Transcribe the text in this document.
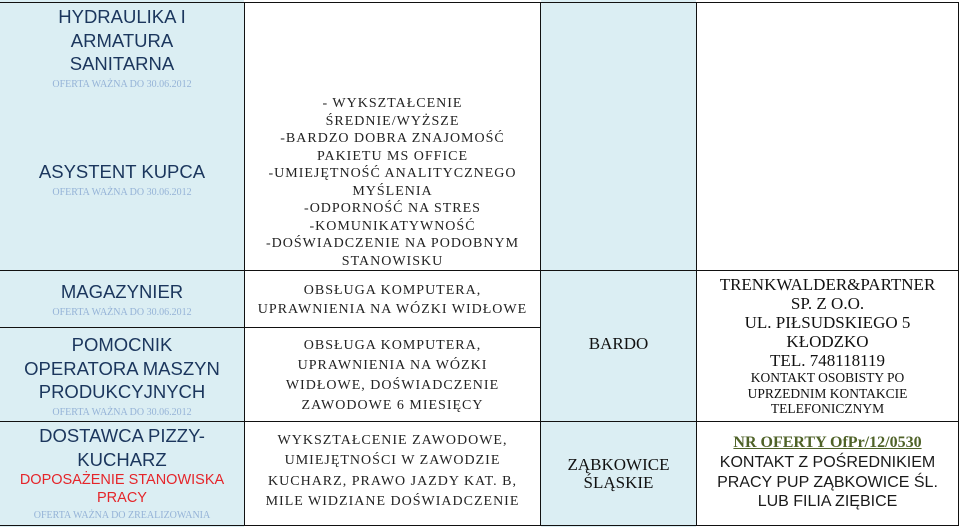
HYDRAULIKA I
ARMATURA
SANITARNA
OFERTA WAŻNA DO 30.06.2012
ASYSTENT KUPCA
OFERTA WAŻNA DO 30.06.2012
MAGAZYNIER
OFERTA WAŻNA DO 30.06.2012
POMOCNIK
OPERATORA MASZYN
PRODUKCYJNYCH
OFERTA WAŻNA DO 30.06.2012
DOSTAWCA PIZZY-
KUCHARZ
DOPOSAŻENIE STANOWISKA
PRACY
OFERTA WAŻNA DO ZREALIZOWANIA
- WYKSZTAŁCENIE
ŚREDNIE/WYŻSZE
-BARDZO DOBRA ZNAJOMOŚĆ
PAKIETU MS OFFICE
-UMIEJĘTNOŚĆ ANALITYCZNEGO
MYŚLENIA
-ODPORNOŚĆ NA STRES
-KOMUNIKATYWNOŚĆ
-DOŚWIADCZENIE NA PODOBNYM
STANOWISKU
OBSŁUGA KOMPUTERA,
UPRAWNIENIA NA WÓZKI WIDŁOWE
OBSŁUGA KOMPUTERA,
UPRAWNIENIA NA WÓZKI
WIDŁOWE, DOŚWIADCZENIE
ZAWODOWE 6 MIESIĘCY
WYKSZTAŁCENIE ZAWODOWE,
UMIEJĘTNOŚCI W ZAWODZIE
KUCHARZ, PRAWO JAZDY KAT. B,
MILE WIDZIANE DOŚWIADCZENIE
BARDO
ZĄBKOWICE
ŚLĄSKIE
TRENKWALDER&PARTNER
SP. Z O.O.
UL. PIŁSUDSKIEGO 5
KŁODZKO
TEL. 748118119
KONTAKT OSOBISTY PO
UPRZEDNIM KONTAKCIE
TELEFONICZNYM
NR OFERTY OfPr/12/0530
KONTAKT Z POŚREDNIKIEM
PRACY PUP ZĄBKOWICE ŚL.
LUB FILIA ZIĘBICE
